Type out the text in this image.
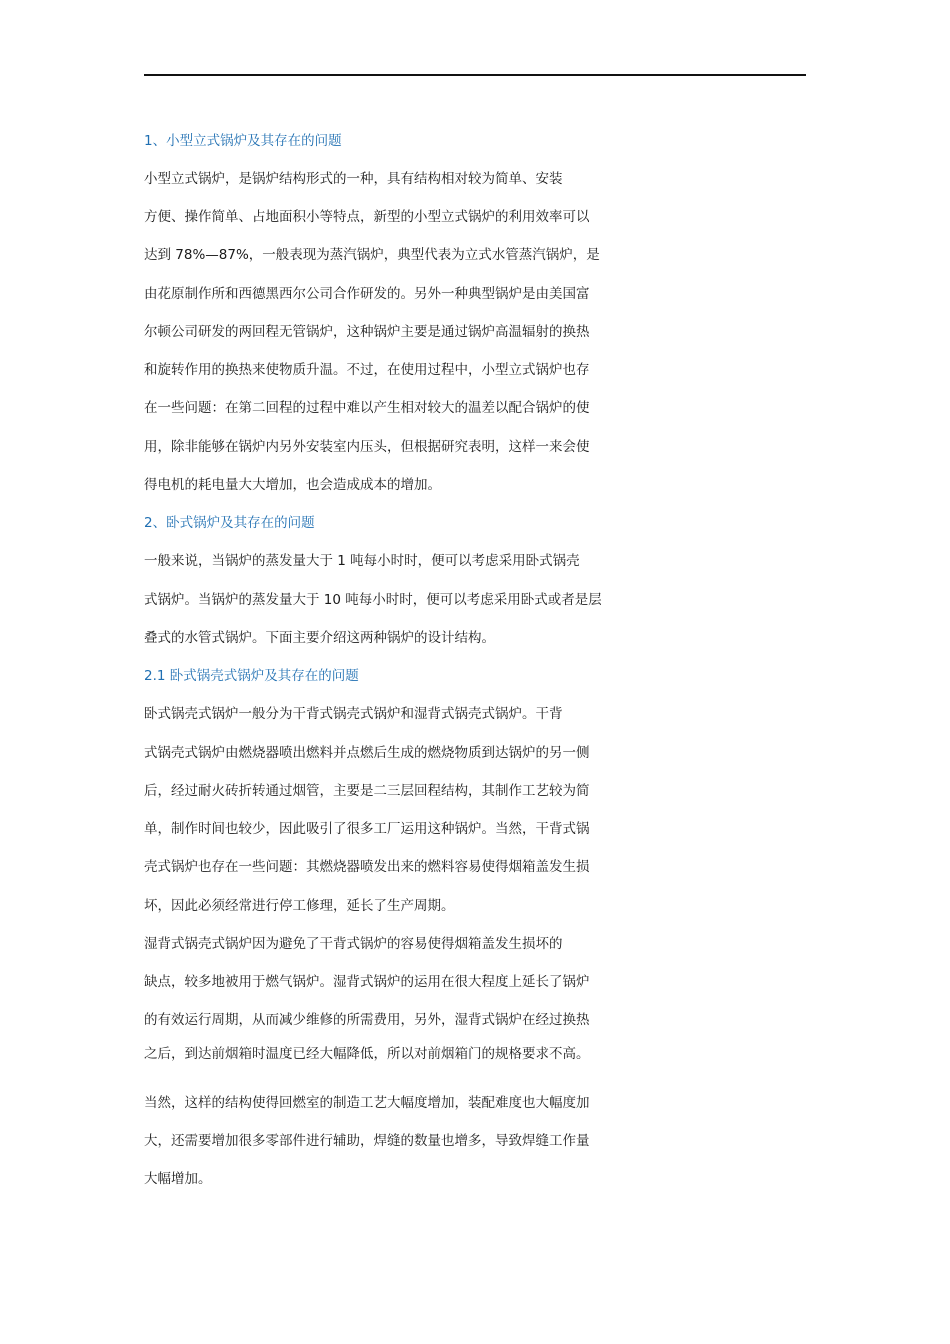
1、小型立式锅炉及其存在的问题
小型立式锅炉，是锅炉结构形式的一种，具有结构相对较为简单、安装
方便、操作简单、占地面积小等特点，新型的小型立式锅炉的利用效率可以
达到 78%—87%，一般表现为蒸汽锅炉，典型代表为立式水管蒸汽锅炉，是
由花原制作所和西德黑西尔公司合作研发的。另外一种典型锅炉是由美国富
尔顿公司研发的两回程无管锅炉，这种锅炉主要是通过锅炉高温辐射的换热
和旋转作用的换热来使物质升温。不过，在使用过程中，小型立式锅炉也存
在一些问题：在第二回程的过程中难以产生相对较大的温差以配合锅炉的使
用，除非能够在锅炉内另外安装室内压头，但根据研究表明，这样一来会使
得电机的耗电量大大增加，也会造成成本的增加。
2、卧式锅炉及其存在的问题
一般来说，当锅炉的蒸发量大于 1 吨每小时时，便可以考虑采用卧式锅壳
式锅炉。当锅炉的蒸发量大于 10 吨每小时时，便可以考虑采用卧式或者是层
叠式的水管式锅炉。下面主要介绍这两种锅炉的设计结构。
2.1 卧式锅壳式锅炉及其存在的问题
卧式锅壳式锅炉一般分为干背式锅壳式锅炉和湿背式锅壳式锅炉。干背
式锅壳式锅炉由燃烧器喷出燃料并点燃后生成的燃烧物质到达锅炉的另一侧
后，经过耐火砖折转通过烟管，主要是二三层回程结构，其制作工艺较为简
单，制作时间也较少，因此吸引了很多工厂运用这种锅炉。当然，干背式锅
壳式锅炉也存在一些问题：其燃烧器喷发出来的燃料容易使得烟箱盖发生损
坏，因此必须经常进行停工修理，延长了生产周期。
湿背式锅壳式锅炉因为避免了干背式锅炉的容易使得烟箱盖发生损坏的
缺点，较多地被用于燃气锅炉。湿背式锅炉的运用在很大程度上延长了锅炉
的有效运行周期，从而减少维修的所需费用，另外，湿背式锅炉在经过换热
之后，到达前烟箱时温度已经大幅降低，所以对前烟箱门的规格要求不高。
当然，这样的结构使得回燃室的制造工艺大幅度增加，装配难度也大幅度加
大，还需要增加很多零部件进行辅助，焊缝的数量也增多，导致焊缝工作量
大幅增加。
